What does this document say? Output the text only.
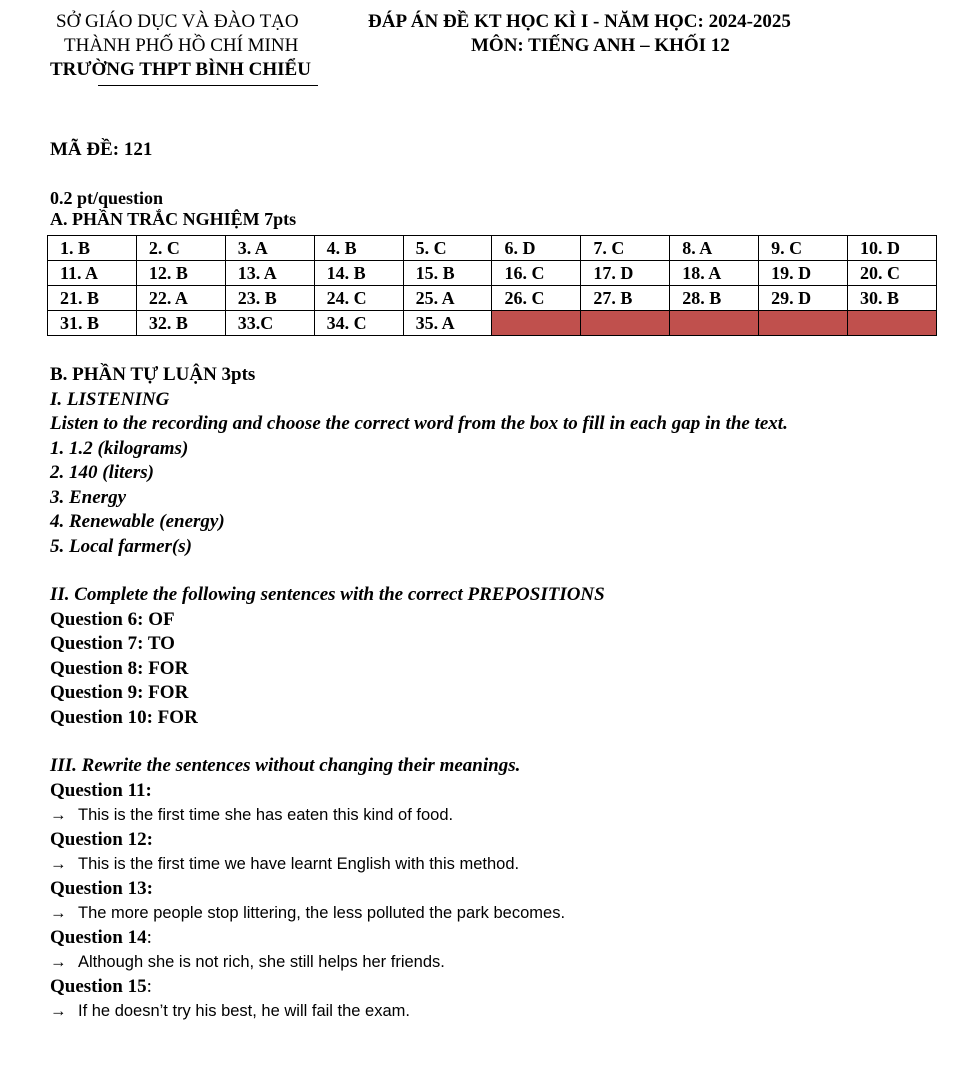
SỞ GIÁO DỤC VÀ ĐÀO TẠO
THÀNH PHỐ HỒ CHÍ MINH
TRƯỜNG THPT BÌNH CHIỂU
ĐÁP ÁN ĐỀ KT HỌC KÌ I - NĂM HỌC: 2024-2025
MÔN: TIẾNG ANH – KHỐI 12
MÃ ĐỀ: 121
0.2 pt/question
A. PHẦN TRẮC NGHIỆM 7pts
1. B	2. C	3. A	4. B	5. C	6. D	7. C	8. A	9. C	10. D
11. A	12. B	13. A	14. B	15. B	16. C	17. D	18. A	19. D	20. C
21. B	22. A	23. B	24. C	25. A	26. C	27. B	28. B	29. D	30. B
31. B	32. B	33.C	34. C	35. A					
B. PHẦN TỰ LUẬN 3pts
I. LISTENING
Listen to the recording and choose the correct word from the box to fill in each gap in the text.
1. 1.2 (kilograms)
2. 140 (liters)
3. Energy
4. Renewable (energy)
5. Local farmer(s)
II. Complete the following sentences with the correct PREPOSITIONS
Question 6: OF
Question 7: TO
Question 8: FOR
Question 9: FOR
Question 10: FOR
III. Rewrite the sentences without changing their meanings.
Question 11:
→ This is the first time she has eaten this kind of food.
Question 12:
→ This is the first time we have learnt English with this method.
Question 13:
→ The more people stop littering, the less polluted the park becomes.
Question 14:
→ Although she is not rich, she still helps her friends.
Question 15:
→ If he doesn’t try his best, he will fail the exam.
